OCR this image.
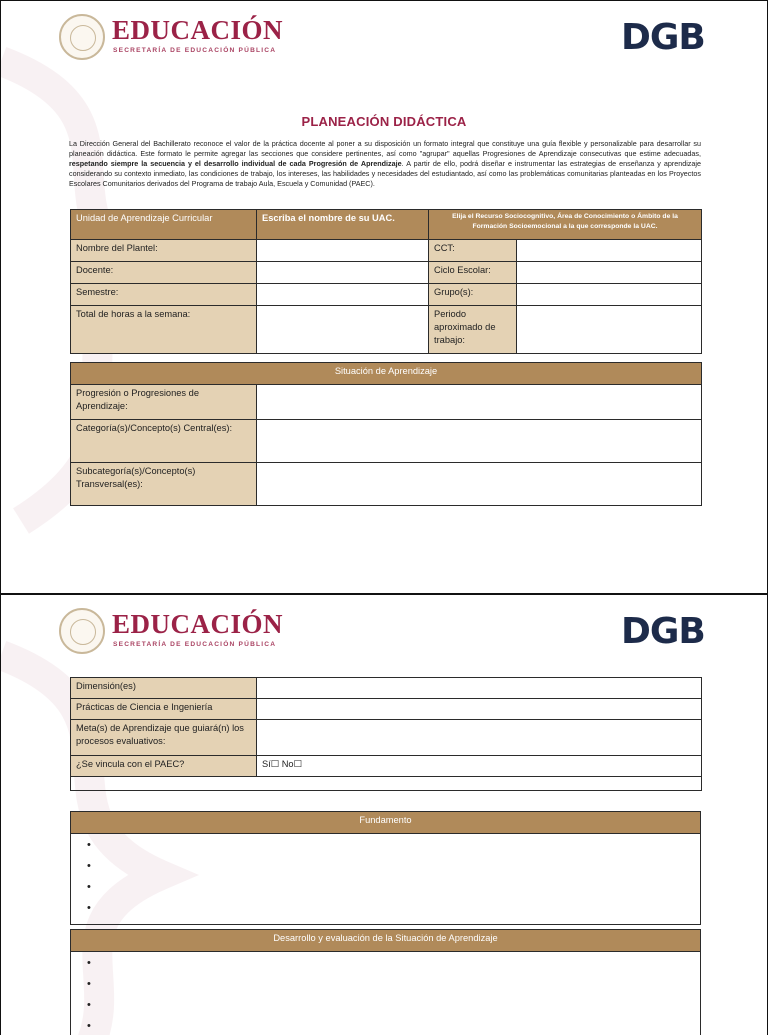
EDUCACIÓN
SECRETARÍA DE EDUCACIÓN PÚBLICA	DGB
PLANEACIÓN DIDÁCTICA
La Dirección General del Bachillerato reconoce el valor de la práctica docente al poner a su disposición un formato integral que constituye una guía flexible y personalizable para desarrollar su planeación didáctica. Este formato le permite agregar las secciones que considere pertinentes, así como "agrupar" aquellas Progresiones de Aprendizaje consecutivas que estime adecuadas, respetando siempre la secuencia y el desarrollo individual de cada Progresión de Aprendizaje. A partir de ello, podrá diseñar e instrumentar las estrategias de enseñanza y aprendizaje considerando su contexto inmediato, las condiciones de trabajo, los intereses, las habilidades y necesidades del estudiantado, así como las problemáticas comunitarias planteadas en los Proyectos Escolares Comunitarios derivados del Programa de trabajo Aula, Escuela y Comunidad (PAEC).
Unidad de Aprendizaje Curricular	Escriba el nombre de su UAC.	Elija el Recurso Sociocognitivo, Área de Conocimiento o Ámbito de la Formación Socioemocional a la que corresponde la UAC.	
Nombre del Plantel:		CCT:	
Docente:		Ciclo Escolar:	
Semestre:		Grupo(s):	
Total de horas a la semana:		Periodo aproximado de trabajo:	
Situación de Aprendizaje	
Progresión o Progresiones de Aprendizaje:	
Categoría(s)/Concepto(s) Central(es):	
Subcategoría(s)/Concepto(s) Transversal(es):	
EDUCACIÓN
SECRETARÍA DE EDUCACIÓN PÚBLICA	DGB
Dimensión(es)	
Prácticas de Ciencia e Ingeniería	
Meta(s) de Aprendizaje que guiará(n) los procesos evaluativos:	
¿Se vincula con el PAEC?	Sí☐ No☐

Fundamento

•
•
•
•
Desarrollo y evaluación de la Situación de Aprendizaje

•
•
•
•
